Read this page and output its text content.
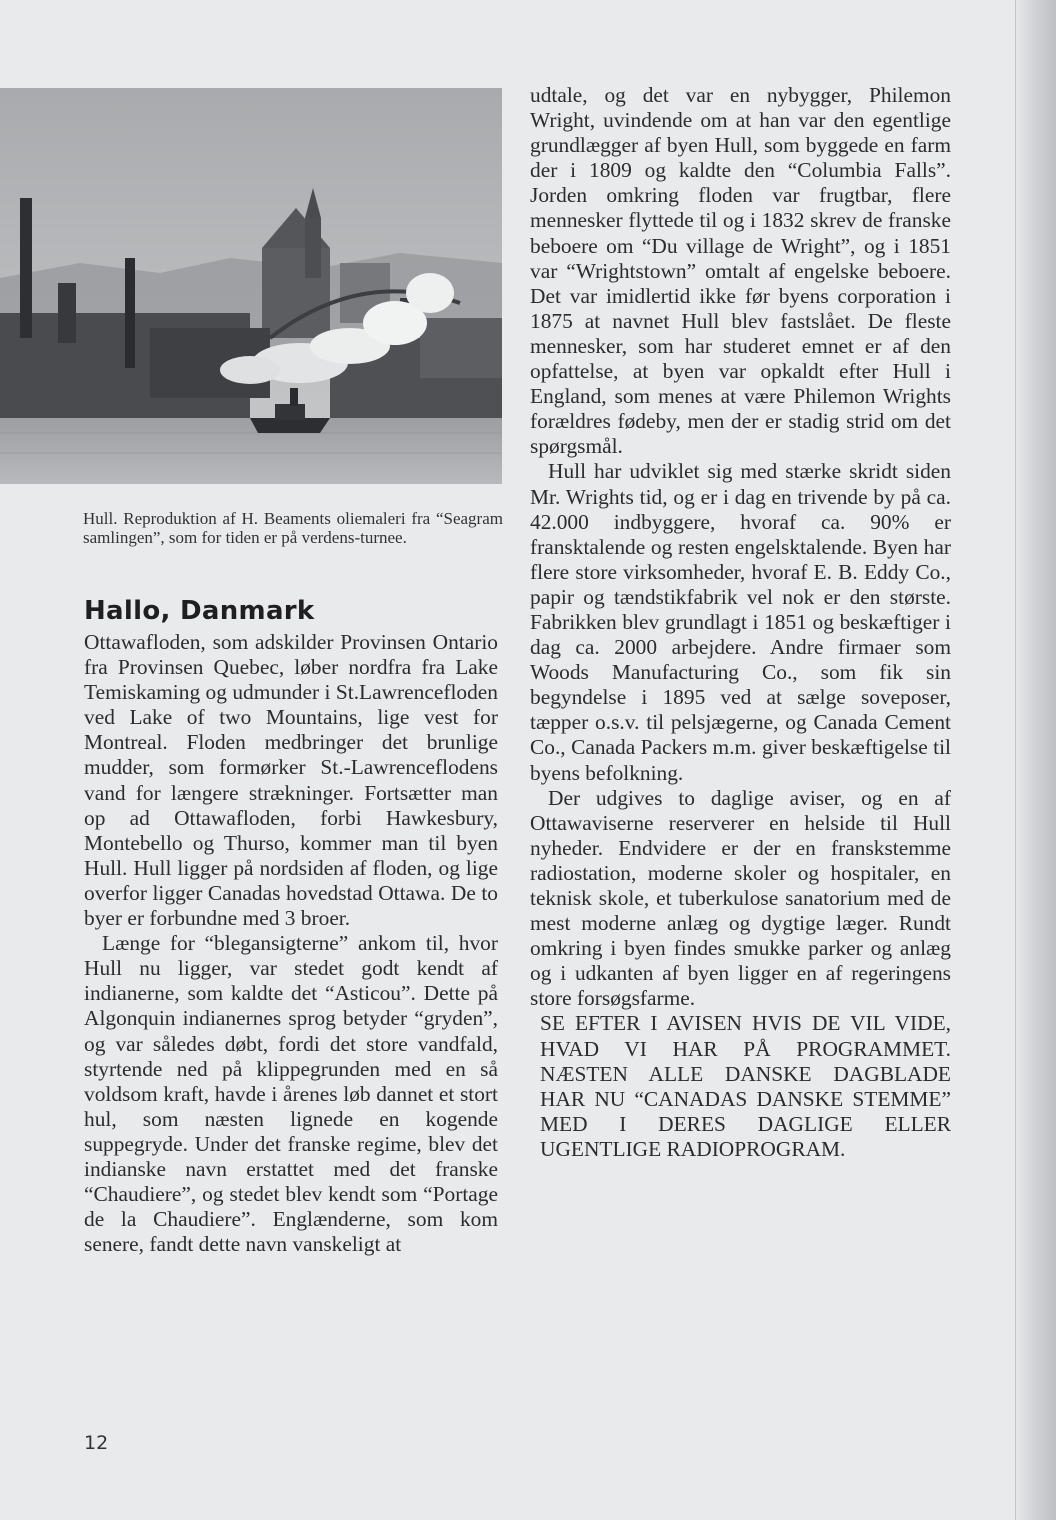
Hull. Reproduktion af H. Beaments oliemaleri fra “Seagram samlingen”, som for tiden er på verdens-turnee.

Hallo, Danmark

Ottawafloden, som adskilder Provinsen Ontario fra Provinsen Quebec, løber nordfra fra Lake Temiskaming og udmunder i St.Lawrencefloden ved Lake of two Mountains, lige vest for Montreal. Floden medbringer det brunlige mudder, som formørker St.-Lawrenceflodens vand for længere strækninger. Fortsætter man op ad Ottawafloden, forbi Hawkesbury, Montebello og Thurso, kommer man til byen Hull. Hull ligger på nordsiden af floden, og lige overfor ligger Canadas hovedstad Ottawa. De to byer er forbundne med 3 broer.

Længe for “blegansigterne” ankom til, hvor Hull nu ligger, var stedet godt kendt af indianerne, som kaldte det “Asticou”. Dette på Algonquin indianernes sprog betyder “gryden”, og var således døbt, fordi det store vandfald, styrtende ned på klippegrunden med en så voldsom kraft, havde i årenes løb dannet et stort hul, som næsten lignede en kogende suppegryde. Under det franske regime, blev det indianske navn erstattet med det franske “Chaudiere”, og stedet blev kendt som “Portage de la Chaudiere”. Englænderne, som kom senere, fandt dette navn vanskeligt at

udtale, og det var en nybygger, Philemon Wright, uvindende om at han var den egentlige grundlægger af byen Hull, som byggede en farm der i 1809 og kaldte den “Columbia Falls”. Jorden omkring floden var frugtbar, flere mennesker flyttede til og i 1832 skrev de franske beboere om “Du village de Wright”, og i 1851 var “Wrightstown” omtalt af engelske beboere. Det var imidlertid ikke før byens corporation i 1875 at navnet Hull blev fastslået. De fleste mennesker, som har studeret emnet er af den opfattelse, at byen var opkaldt efter Hull i England, som menes at være Philemon Wrights forældres fødeby, men der er stadig strid om det spørgsmål.

Hull har udviklet sig med stærke skridt siden Mr. Wrights tid, og er i dag en trivende by på ca. 42.000 indbyggere, hvoraf ca. 90% er fransktalende og resten engelsktalende. Byen har flere store virksomheder, hvoraf E. B. Eddy Co., papir og tændstikfabrik vel nok er den største. Fabrikken blev grundlagt i 1851 og beskæftiger i dag ca. 2000 arbejdere. Andre firmaer som Woods Manufacturing Co., som fik sin begyndelse i 1895 ved at sælge soveposer, tæpper o.s.v. til pelsjægerne, og Canada Cement Co., Canada Packers m.m. giver beskæftigelse til byens befolkning.

Der udgives to daglige aviser, og en af Ottawaviserne reserverer en helside til Hull nyheder. Endvidere er der en franskstemme radiostation, moderne skoler og hospitaler, en teknisk skole, et tuberkulose sanatorium med de mest moderne anlæg og dygtige læger. Rundt omkring i byen findes smukke parker og anlæg og i udkanten af byen ligger en af regeringens store forsøgsfarme.

SE EFTER I AVISEN HVIS DE VIL VIDE, HVAD VI HAR PÅ PROGRAMMET. NÆSTEN ALLE DANSKE DAGBLADE HAR NU “CANADAS DANSKE STEMME” MED I DERES DAGLIGE ELLER UGENTLIGE RADIOPROGRAM.

12
